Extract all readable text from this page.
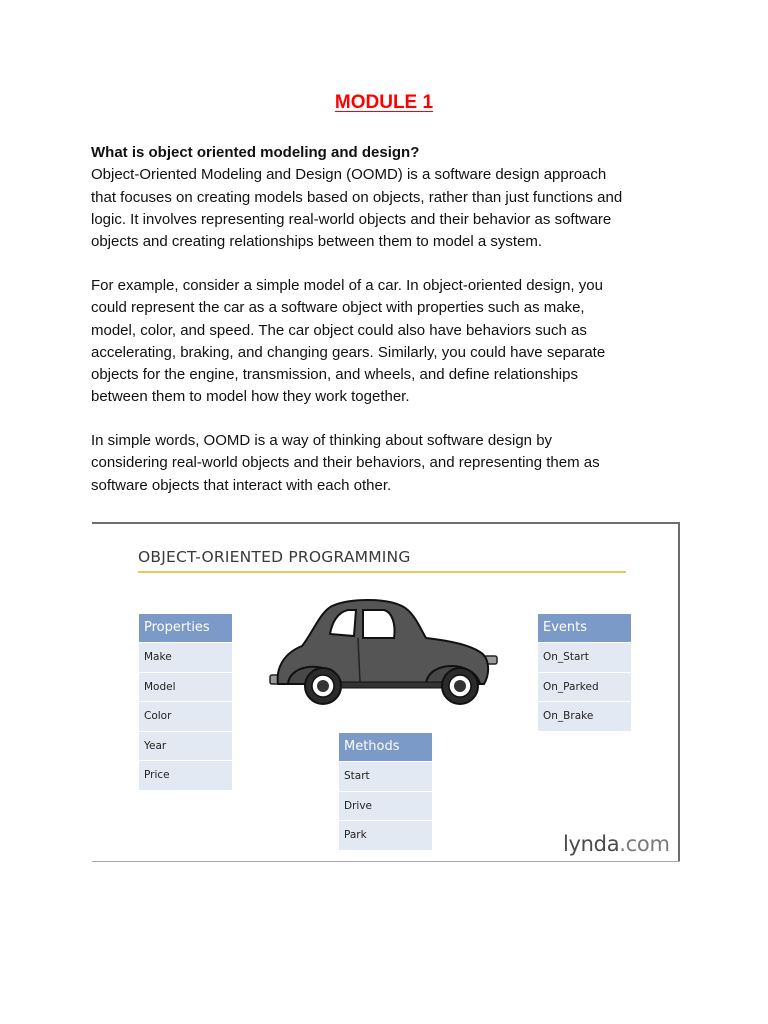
MODULE 1
What is object oriented modeling and design?
Object-Oriented Modeling and Design (OOMD) is a software design approach
that focuses on creating models based on objects, rather than just functions and
logic. It involves representing real-world objects and their behavior as software
objects and creating relationships between them to model a system.
For example, consider a simple model of a car. In object-oriented design, you
could represent the car as a software object with properties such as make,
model, color, and speed. The car object could also have behaviors such as
accelerating, braking, and changing gears. Similarly, you could have separate
objects for the engine, transmission, and wheels, and define relationships
between them to model how they work together.
In simple words, OOMD is a way of thinking about software design by
considering real-world objects and their behaviors, and representing them as
software objects that interact with each other.
OBJECT-ORIENTED PROGRAMMING
Properties
Make
Model
Color
Year
Price
Events
On_Start
On_Parked
On_Brake
Methods
Start
Drive
Park	lynda.com
